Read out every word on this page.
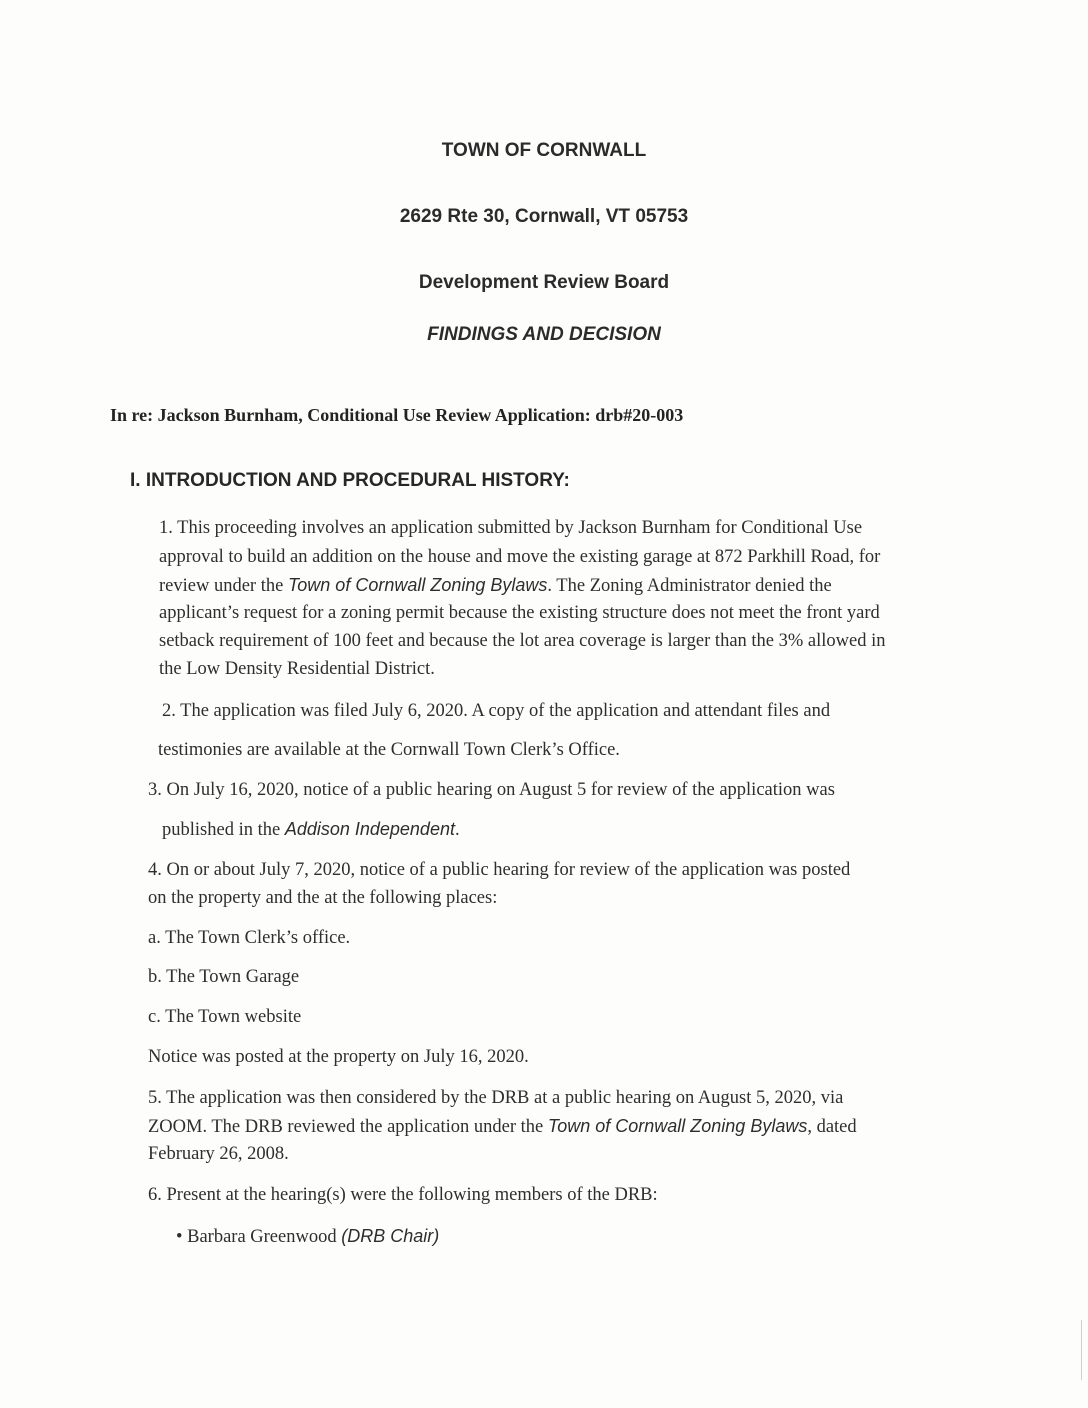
TOWN OF CORNWALL
2629 Rte 30, Cornwall, VT 05753
Development Review Board
FINDINGS AND DECISION
In re: Jackson Burnham, Conditional Use Review Application: drb#20-003
I. INTRODUCTION AND PROCEDURAL HISTORY:
1. This proceeding involves an application submitted by Jackson Burnham for Conditional Use
approval to build an addition on the house and move the existing garage at 872 Parkhill Road, for
review under the Town of Cornwall Zoning Bylaws. The Zoning Administrator denied the
applicant’s request for a zoning permit because the existing structure does not meet the front yard
setback requirement of 100 feet and because the lot area coverage is larger than the 3% allowed in
the Low Density Residential District.
2. The application was filed July 6, 2020. A copy of the application and attendant files and
testimonies are available at the Cornwall Town Clerk’s Office.
3. On July 16, 2020, notice of a public hearing on August 5 for review of the application was
published in the Addison Independent.
4. On or about July 7, 2020, notice of a public hearing for review of the application was posted
on the property and the at the following places:
a. The Town Clerk’s office.
b. The Town Garage
c. The Town website
Notice was posted at the property on July 16, 2020.
5. The application was then considered by the DRB at a public hearing on August 5, 2020, via
ZOOM. The DRB reviewed the application under the Town of Cornwall Zoning Bylaws, dated
February 26, 2008.
6. Present at the hearing(s) were the following members of the DRB:
• Barbara Greenwood (DRB Chair)
